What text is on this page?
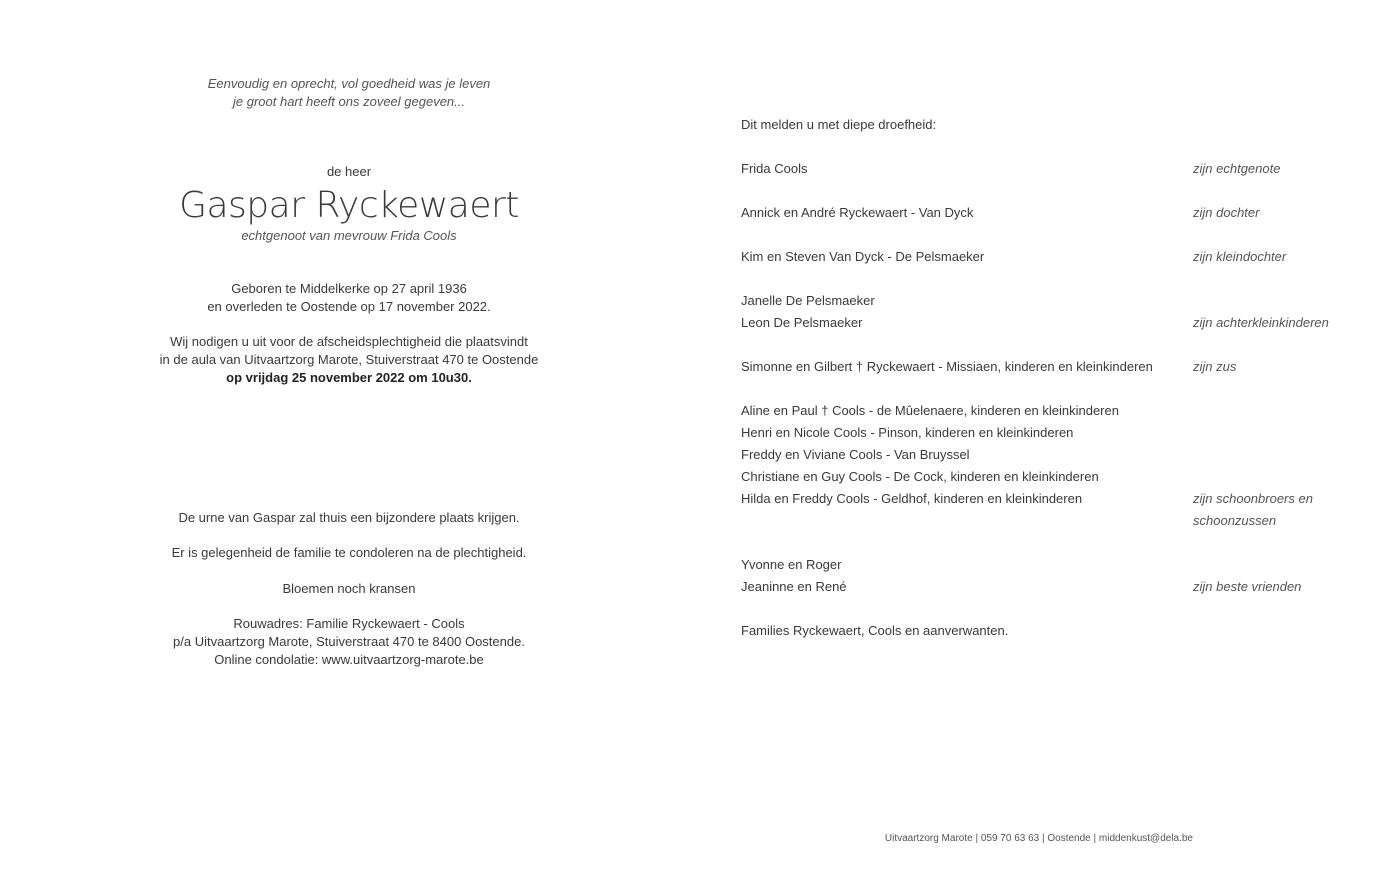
Eenvoudig en oprecht, vol goedheid was je leven
je groot hart heeft ons zoveel gegeven...
de heer
Gaspar Ryckewaert
echtgenoot van mevrouw Frida Cools
Geboren te Middelkerke op 27 april 1936
en overleden te Oostende op 17 november 2022.
Wij nodigen u uit voor de afscheidsplechtigheid die plaatsvindt
in de aula van Uitvaartzorg Marote, Stuiverstraat 470 te Oostende
op vrijdag 25 november 2022 om 10u30.
De urne van Gaspar zal thuis een bijzondere plaats krijgen.
Er is gelegenheid de familie te condoleren na de plechtigheid.
Bloemen noch kransen
Rouwadres: Familie Ryckewaert - Cools
p/a Uitvaartzorg Marote, Stuiverstraat 470 te 8400 Oostende.
Online condolatie: www.uitvaartzorg-marote.be
Dit melden u met diepe droefheid:
Frida Cools	zijn echtgenote
Annick en André Ryckewaert - Van Dyck	zijn dochter
Kim en Steven Van Dyck - De Pelsmaeker	zijn kleindochter
Janelle De Pelsmaeker
Leon De Pelsmaeker	zijn achterkleinkinderen
Simonne en Gilbert † Ryckewaert - Missiaen, kinderen en kleinkinderen	zijn zus
Aline en Paul † Cools - de Mûelenaere, kinderen en kleinkinderen
Henri en Nicole Cools - Pinson, kinderen en kleinkinderen
Freddy en Viviane Cools - Van Bruyssel
Christiane en Guy Cools - De Cock, kinderen en kleinkinderen
Hilda en Freddy Cools - Geldhof, kinderen en kleinkinderen	zijn schoonbroers en schoonzussen
Yvonne en Roger
Jeaninne en René	zijn beste vrienden
Families Ryckewaert, Cools en aanverwanten.
Uitvaartzorg Marote | 059 70 63 63 | Oostende | middenkust@dela.be
